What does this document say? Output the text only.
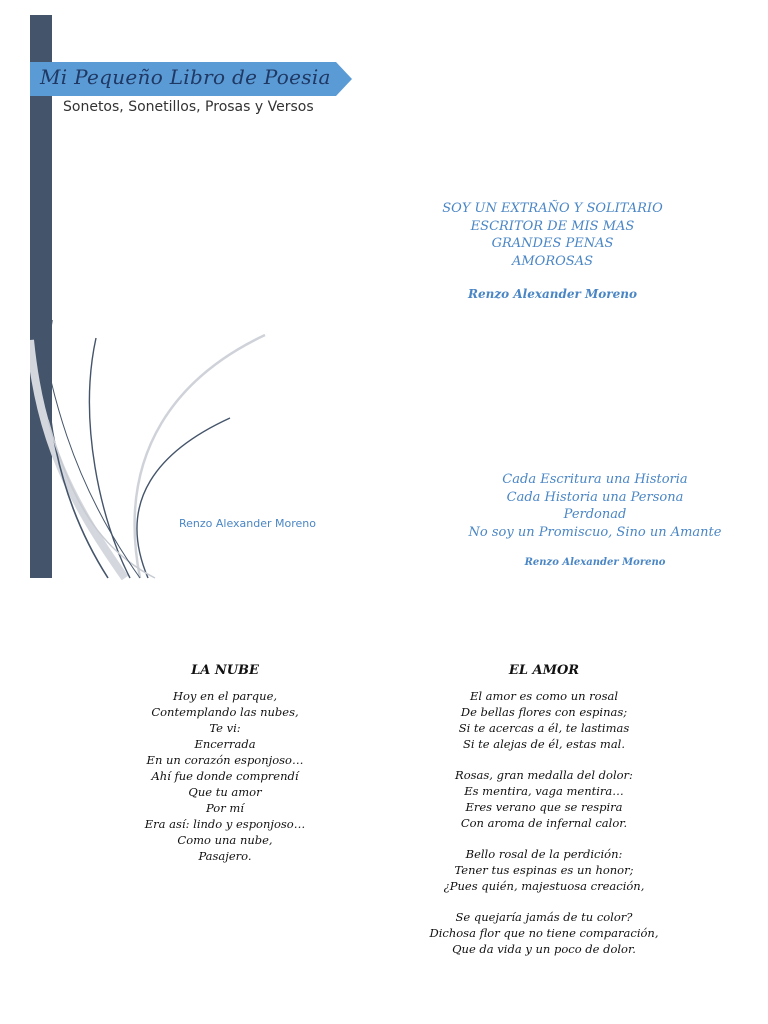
Mi Pequeño Libro de Poesia
Sonetos, Sonetillos, Prosas y Versos
Renzo Alexander Moreno
SOY UN EXTRAÑO Y SOLITARIO
ESCRITOR DE MIS MAS
GRANDES PENAS
AMOROSAS
Renzo Alexander Moreno
Cada Escritura una Historia
Cada Historia una Persona
Perdonad
No soy un Promiscuo, Sino un Amante
Renzo Alexander Moreno
LA NUBE
Hoy en el parque,
Contemplando las nubes,
Te vi:
Encerrada
En un corazón esponjoso…
Ahí fue donde comprendí
Que tu amor
Por mí
Era así: lindo y esponjoso…
Como una nube,
Pasajero.
EL AMOR
El amor es como un rosal
De bellas flores con espinas;
Si te acercas a él, te lastimas
Si te alejas de él, estas mal.
Rosas, gran medalla del dolor:
Es mentira, vaga mentira…
Eres verano que se respira
Con aroma de infernal calor.
Bello rosal de la perdición:
Tener tus espinas es un honor;
¿Pues quién, majestuosa creación,
Se quejaría jamás de tu color?
Dichosa flor que no tiene comparación,
Que da vida y un poco de dolor.
